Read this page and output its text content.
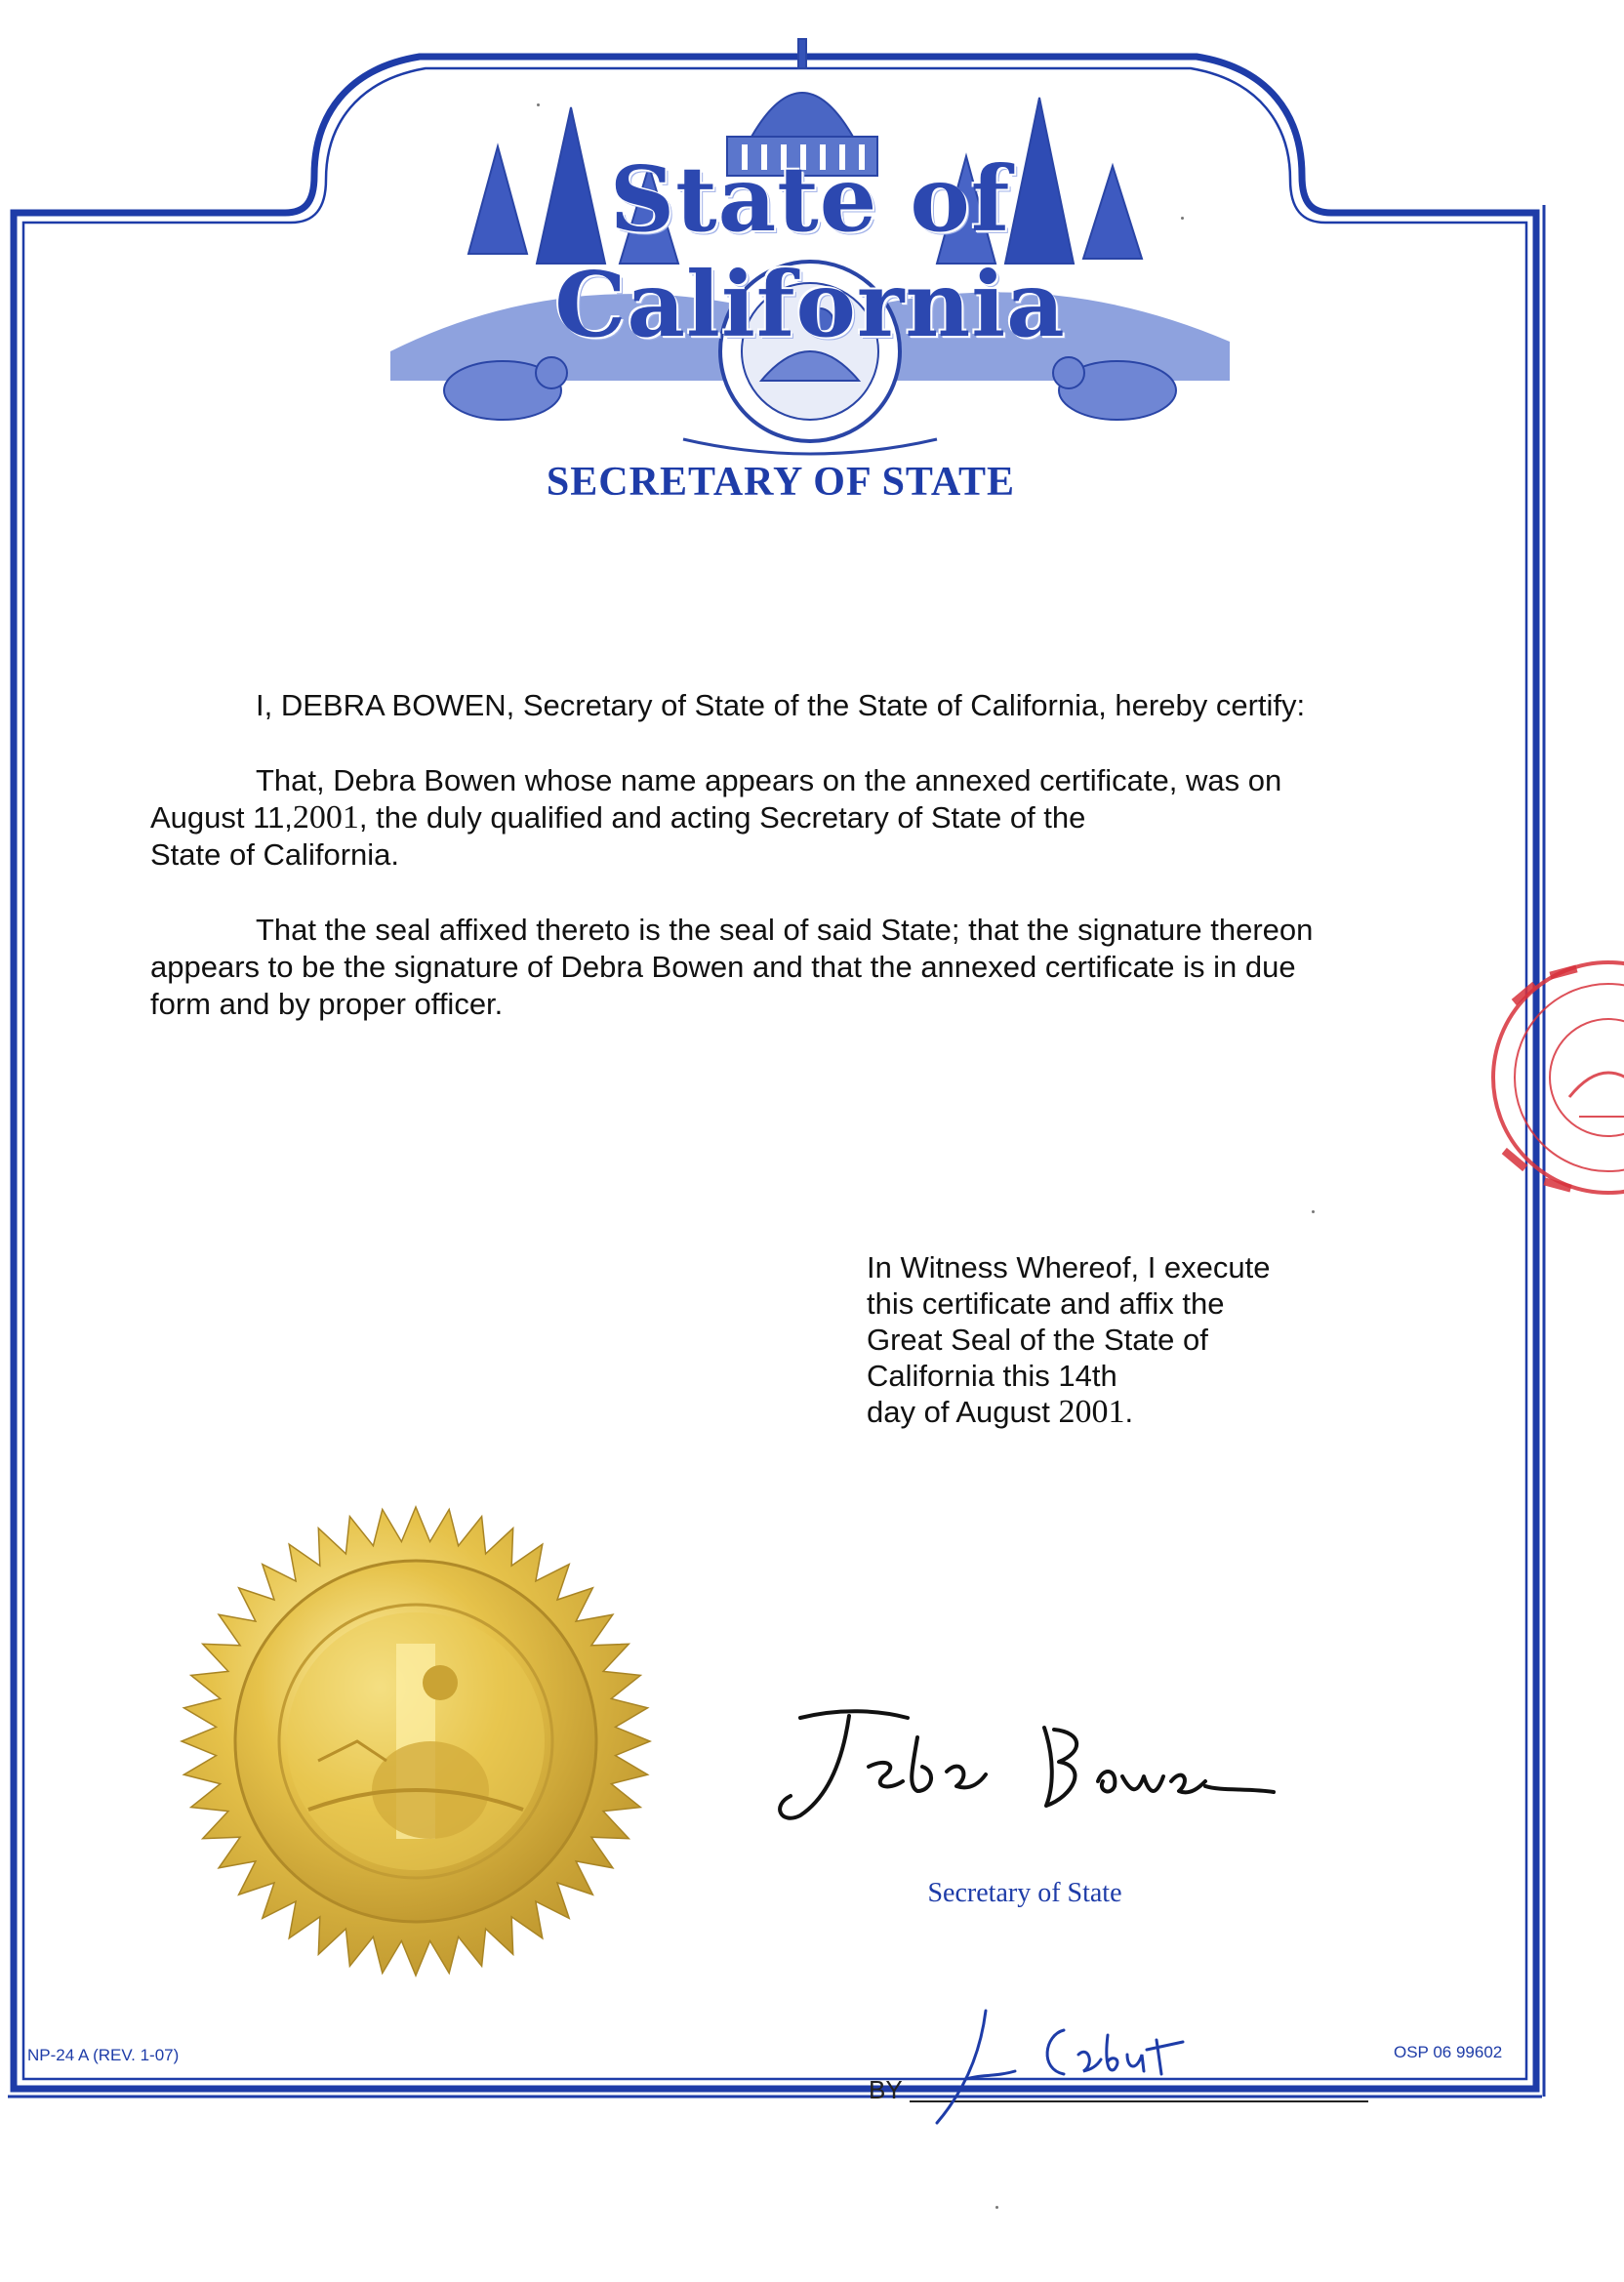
State of California
SECRETARY OF STATE
I, DEBRA BOWEN, Secretary of State of the State of California, hereby certify:
That, Debra Bowen whose name appears on the annexed certificate, was on
August 11,2001, the duly qualified and acting Secretary of State of the
State of California.
That the seal affixed thereto is the seal of said State; that the signature thereon
appears to be the signature of Debra Bowen and that the annexed certificate is in due
form and by proper officer.
In Witness Whereof, I execute
this certificate and affix the
Great Seal of the State of
California this 14th
day of August 2001.
Secretary of State
NP-24 A (REV. 1-07)	OSP 06 99602
BY
